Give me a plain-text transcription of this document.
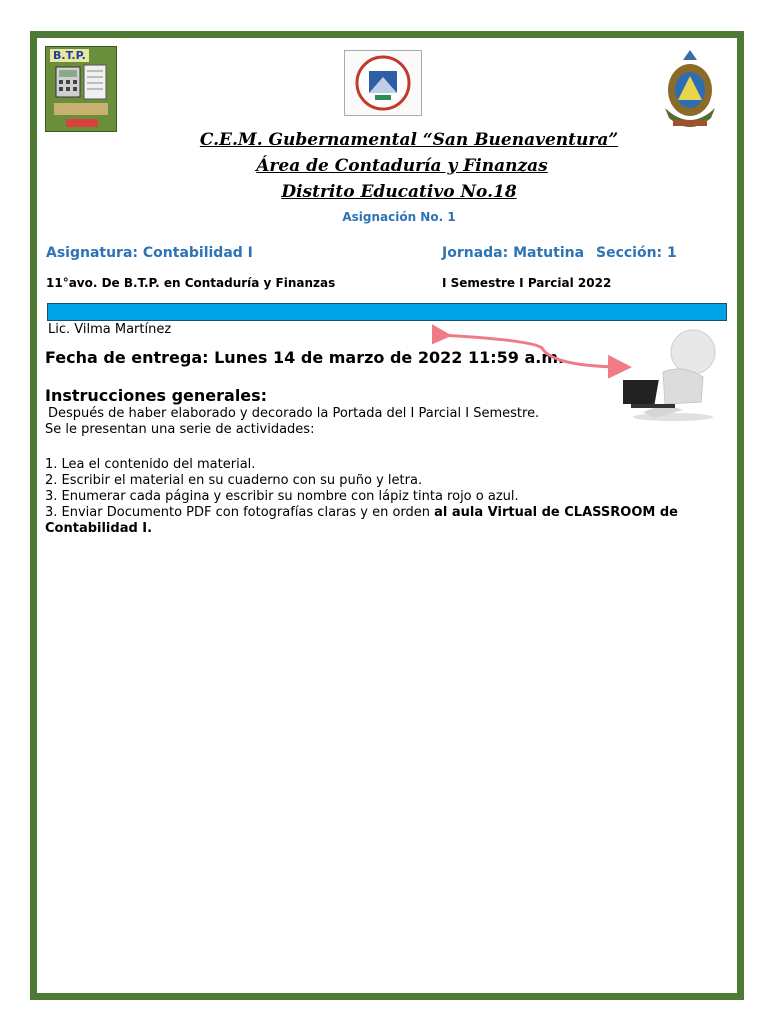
B.T.P.
C.E.M. Gubernamental “San Buenaventura”
Área de Contaduría y Finanzas
Distrito Educativo No.18
Asignación No. 1
Asignatura: Contabilidad I	Jornada: Matutina Sección: 1
11°avo. De B.T.P. en Contaduría y Finanzas	I Semestre I Parcial 2022
Lic. Vilma Martínez
Fecha de entrega: Lunes 14 de marzo de 2022 11:59 a.m.
Instrucciones generales:
Después de haber elaborado y decorado la Portada del I Parcial I Semestre.
Se le presentan una serie de actividades:
1. Lea el contenido del material.
2. Escribir el material en su cuaderno con su puño y letra.
3. Enumerar cada página y escribir su nombre con lápiz tinta rojo o azul.
3. Enviar Documento PDF con fotografías claras y en orden al aula Virtual de CLASSROOM de
Contabilidad I.
